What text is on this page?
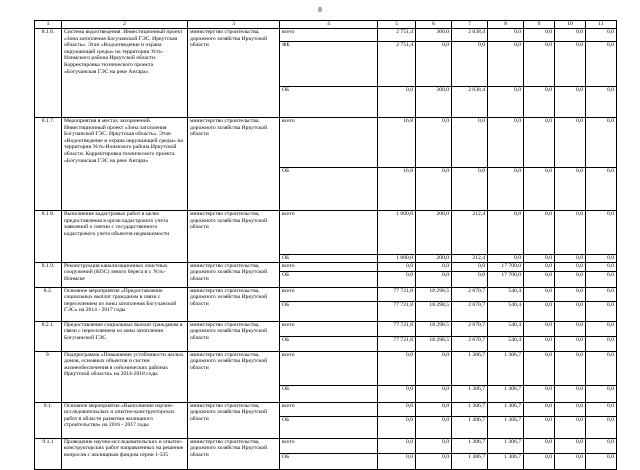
8
1	2	3	4	5	6	7	8	9	10	11
8.1.6.	Система водоотведения. Инвестиционный проект «Зона затопления Богучанской ГЭС. Иркутская область». Этап «Водоотведение и охрана окружающей среды» на территории Усть-Илимского района Иркутской области. Корректировка технического проекта «Богучанская ГЭС на реке Ангара»	министерство строительства, дорожного хозяйства Иркутской области	всего	2 751,4	300,0	2 038,4	0,0	0,0	0,0	0,0
			ФБ	2 751,4	0,0	0,0	0,0	0,0	0,0	0,0
			ОБ	0,0	300,0	2 038,4	0,0	0,0	0,0	0,0
8.1.7.	Мероприятия в местах захоронений. Инвестиционный проект «Зона затопления Богучанской ГЭС. Иркутская область». Этап «Водоотведение и охрана окружающей среды» на территории Усть-Илимского района Иркутской области. Корректировка технического проекта «Богучанская ГЭС на реке Ангара»	министерство строительства, дорожного хозяйства Иркутской области	всего	16,8	0,0	0,0	0,0	0,0	0,0	0,0
			ОБ	16,8	0,0	0,0	0,0	0,0	0,0	0,0
8.1.8.	Выполнение кадастровых работ в целях предоставления в орган кадастрового учета заявлений о снятии с государственного кадастрового учета объектов недвижимости	министерство строительства, дорожного хозяйства Иркутской области	всего	1 000,0	200,0	212,4	0,0	0,0	0,0	0,0
			ОБ	1 000,0	200,0	212,4	0,0	0,0	0,0	0,0
8.1.9.	Реконструкция канализационных очистных сооружений (КОС) левого берега в г. Усть-Илимске	министерство строительства, дорожного хозяйства Иркутской области	всего	0,0	0,0	0,0	17 700,0	0,0	0,0	0,0
			ОБ	0,0	0,0	0,0	17 700,0	0,0	0,0	0,0
8.2.	Основное мероприятие «Предоставление социальных выплат гражданам в связи с переселением из зоны затопления Богучанской ГЭС» на 2014 - 2017 годы	министерство строительства, дорожного хозяйства Иркутской области	всего	77 721,8	18 298,5	2 670,7	540,4	0,0	0,0	0,0
			ОБ	77 721,8	18 298,5	2 670,7	540,4	0,0	0,0	0,0
8.2.1.	Предоставление социальных выплат гражданам в связи с переселением из зоны затопления Богучанской ГЭС	министерство строительства, дорожного хозяйства Иркутской области	всего	77 721,8	18 298,5	2 670,7	540,4	0,0	0,0	0,0
			ОБ	77 721,8	18 298,5	2 670,7	540,4	0,0	0,0	0,0
9.	Подпрограмма «Повышение устойчивости жилых домов, основных объектов и систем жизнеобеспечения в сейсмических районах Иркутской области» на 2014-2018 годы	министерство строительства, дорожного хозяйства Иркутской области	всего	0,0	0,0	1 306,7	1 306,7	0,0	0,0	0,0
			ОБ	0,0	0,0	1 306,7	1 306,7	0,0	0,0	0,0
9.1.	Основное мероприятие «Выполнение научно-исследовательских и опытно-конструкторских работ в области развития жилищного строительства» на 2016 - 2017 годы	министерство строительства, дорожного хозяйства Иркутской области	всего	0,0	0,0	1 306,7	1 306,7	0,0	0,0	0,0
			ОБ	0,0	0,0	1 306,7	1 306,7	0,0	0,0	0,0
9.1.1	Проведение научно-исследовательских и опытно-конструкторских работ направленных на решение вопросов с жилищным фондом серии 1-335	министерство строительства, дорожного хозяйства Иркутской области	всего	0,0	0,0	1 306,7	1 306,7	0,0	0,0	0,0
			ОБ	0,0	0,0	1 306,7	1 306,7	0,0	0,0	0,0
